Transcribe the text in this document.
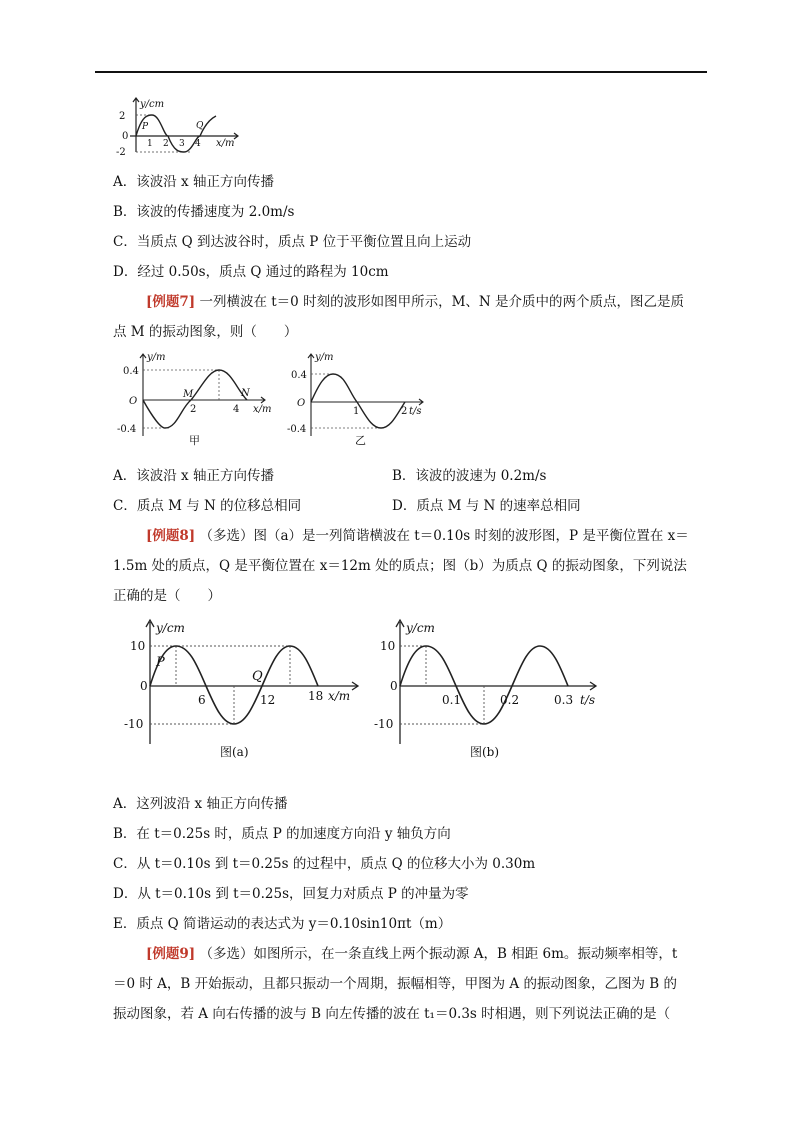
y/cm
2
0
-2
1 2 3 4 x/m
P	Q
A．该波沿 x 轴正方向传播
B．该波的传播速度为 2.0m/s
C．当质点 Q 到达波谷时，质点 P 位于平衡位置且向上运动
D．经过 0.50s，质点 Q 通过的路程为 10cm
[例题7] 一列横波在 t＝0 时刻的波形如图甲所示，M、N 是介质中的两个质点，图乙是质
点 M 的振动图象，则（　　）
y/m
0.4
O
-0.4
M	N
2	4 x/m
甲
y/m
0.4
O
-0.4
1	2 t/s
乙
A．该波沿 x 轴正方向传播	B．该波的波速为 0.2m/s
C．质点 M 与 N 的位移总相同	D．质点 M 与 N 的速率总相同
[例题8] （多选）图（a）是一列简谐横波在 t＝0.10s 时刻的波形图，P 是平衡位置在 x＝
1.5m 处的质点，Q 是平衡位置在 x＝12m 处的质点；图（b）为质点 Q 的振动图象，下列说法
正确的是（　　）
y/cm
10
0
-10
P
Q
6	12	18 x/m
图(a)
y/cm
10
0
-10
0.1	0.2	0.3 t/s
图(b)
A．这列波沿 x 轴正方向传播
B．在 t＝0.25s 时，质点 P 的加速度方向沿 y 轴负方向
C．从 t＝0.10s 到 t＝0.25s 的过程中，质点 Q 的位移大小为 0.30m
D．从 t＝0.10s 到 t＝0.25s，回复力对质点 P 的冲量为零
E．质点 Q 简谐运动的表达式为 y＝0.10sin10πt（m）
[例题9] （多选）如图所示，在一条直线上两个振动源 A，B 相距 6m。振动频率相等，t
＝0 时 A，B 开始振动，且都只振动一个周期，振幅相等，甲图为 A 的振动图象，乙图为 B 的
振动图象，若 A 向右传播的波与 B 向左传播的波在 t₁＝0.3s 时相遇，则下列说法正确的是（
